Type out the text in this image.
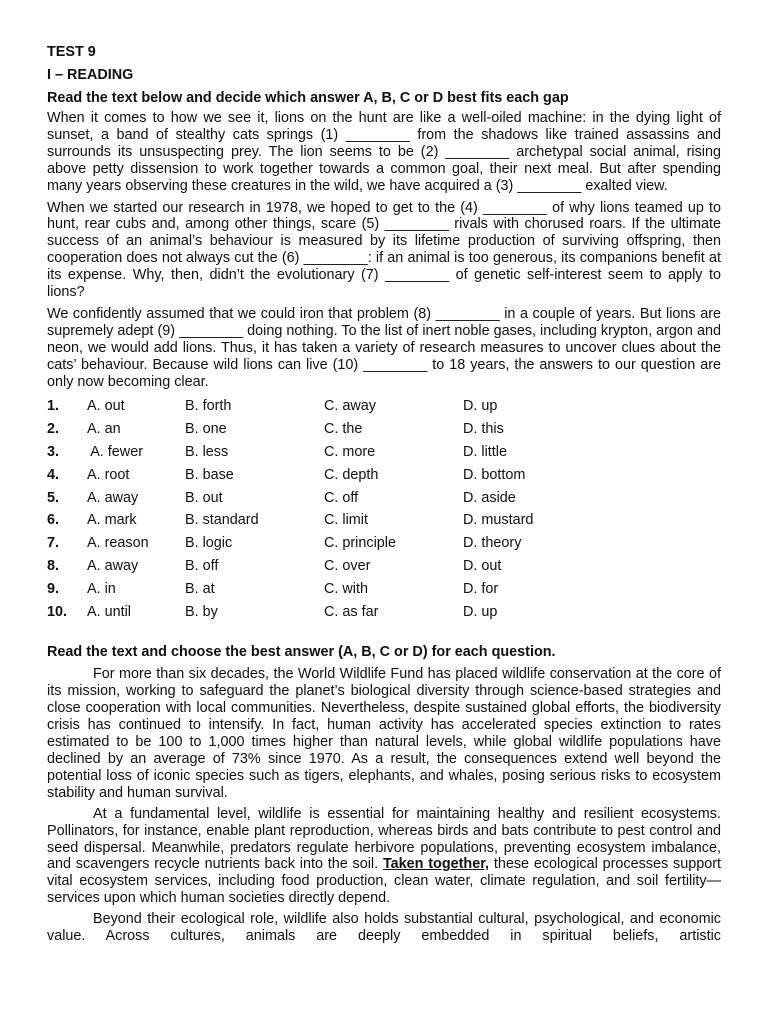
TEST 9

I – READING

Read the text below and decide which answer A, B, C or D best fits each gap

When it comes to how we see it, lions on the hunt are like a well-oiled machine: in the dying light of sunset, a band of stealthy cats springs (1) ________ from the shadows like trained assassins and surrounds its unsuspecting prey. The lion seems to be (2) ________ archetypal social animal, rising above petty dissension to work together towards a common goal, their next meal. But after spending many years observing these creatures in the wild, we have acquired a (3) ________ exalted view.

When we started our research in 1978, we hoped to get to the (4) ________ of why lions teamed up to hunt, rear cubs and, among other things, scare (5) ________ rivals with chorused roars. If the ultimate success of an animal’s behaviour is measured by its lifetime production of surviving offspring, then cooperation does not always cut the (6) ________: if an animal is too generous, its companions benefit at its expense. Why, then, didn’t the evolutionary (7) ________ of genetic self-interest seem to apply to lions?

We confidently assumed that we could iron that problem (8) ________ in a couple of years. But lions are supremely adept (9) ________ doing nothing. To the list of inert noble gases, including krypton, argon and neon, we would add lions. Thus, it has taken a variety of research measures to uncover clues about the cats’ behaviour. Because wild lions can live (10) ________ to 18 years, the answers to our question are only now becoming clear.

1.	A. out	B. forth	C. away	D. up
2.	A. an	B. one	C. the	D. this
3.	A. fewer	B. less	C. more	D. little
4.	A. root	B. base	C. depth	D. bottom
5.	A. away	B. out	C. off	D. aside
6.	A. mark	B. standard	C. limit	D. mustard
7.	A. reason	B. logic	C. principle	D. theory
8.	A. away	B. off	C. over	D. out
9.	A. in	B. at	C. with	D. for
10.	A. until	B. by	C. as far	D. up

Read the text and choose the best answer (A, B, C or D) for each question.

For more than six decades, the World Wildlife Fund has placed wildlife conservation at the core of its mission, working to safeguard the planet’s biological diversity through science-based strategies and close cooperation with local communities. Nevertheless, despite sustained global efforts, the biodiversity crisis has continued to intensify. In fact, human activity has accelerated species extinction to rates estimated to be 100 to 1,000 times higher than natural levels, while global wildlife populations have declined by an average of 73% since 1970. As a result, the consequences extend well beyond the potential loss of iconic species such as tigers, elephants, and whales, posing serious risks to ecosystem stability and human survival.

At a fundamental level, wildlife is essential for maintaining healthy and resilient ecosystems. Pollinators, for instance, enable plant reproduction, whereas birds and bats contribute to pest control and seed dispersal. Meanwhile, predators regulate herbivore populations, preventing ecosystem imbalance, and scavengers recycle nutrients back into the soil. Taken together, these ecological processes support vital ecosystem services, including food production, clean water, climate regulation, and soil fertility—services upon which human societies directly depend.

Beyond their ecological role, wildlife also holds substantial cultural, psychological, and economic value. Across cultures, animals are deeply embedded in spiritual beliefs, artistic
